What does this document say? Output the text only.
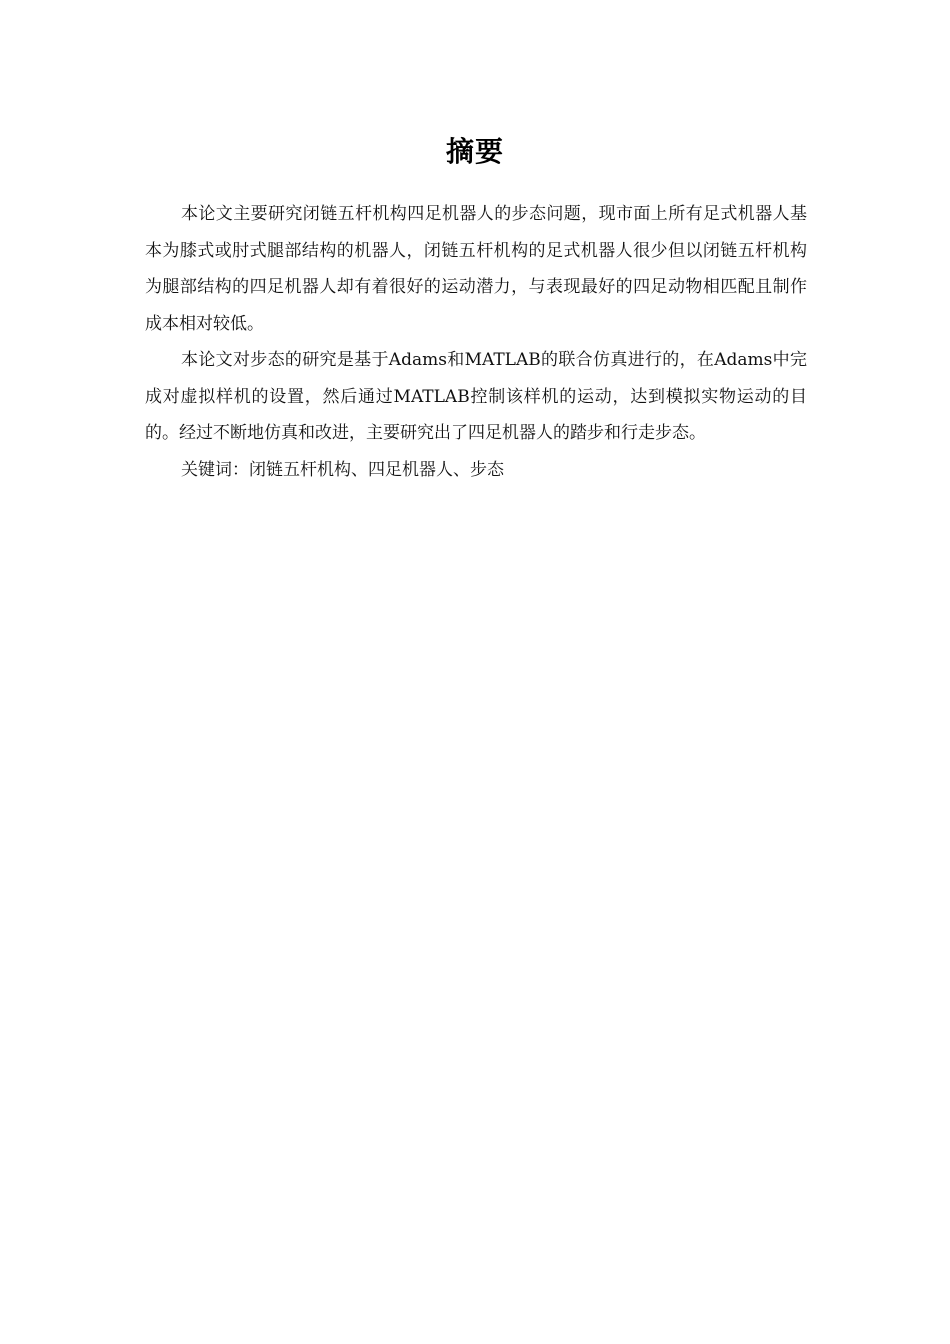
摘要

本论文主要研究闭链五杆机构四足机器人的步态问题，现市面上所有足式机器人基本为膝式或肘式腿部结构的机器人，闭链五杆机构的足式机器人很少但以闭链五杆机构为腿部结构的四足机器人却有着很好的运动潜力，与表现最好的四足动物相匹配且制作成本相对较低。

本论文对步态的研究是基于Adams和MATLAB的联合仿真进行的，在Adams中完成对虚拟样机的设置，然后通过MATLAB控制该样机的运动，达到模拟实物运动的目的。经过不断地仿真和改进，主要研究出了四足机器人的踏步和行走步态。

关键词：闭链五杆机构、四足机器人、步态
